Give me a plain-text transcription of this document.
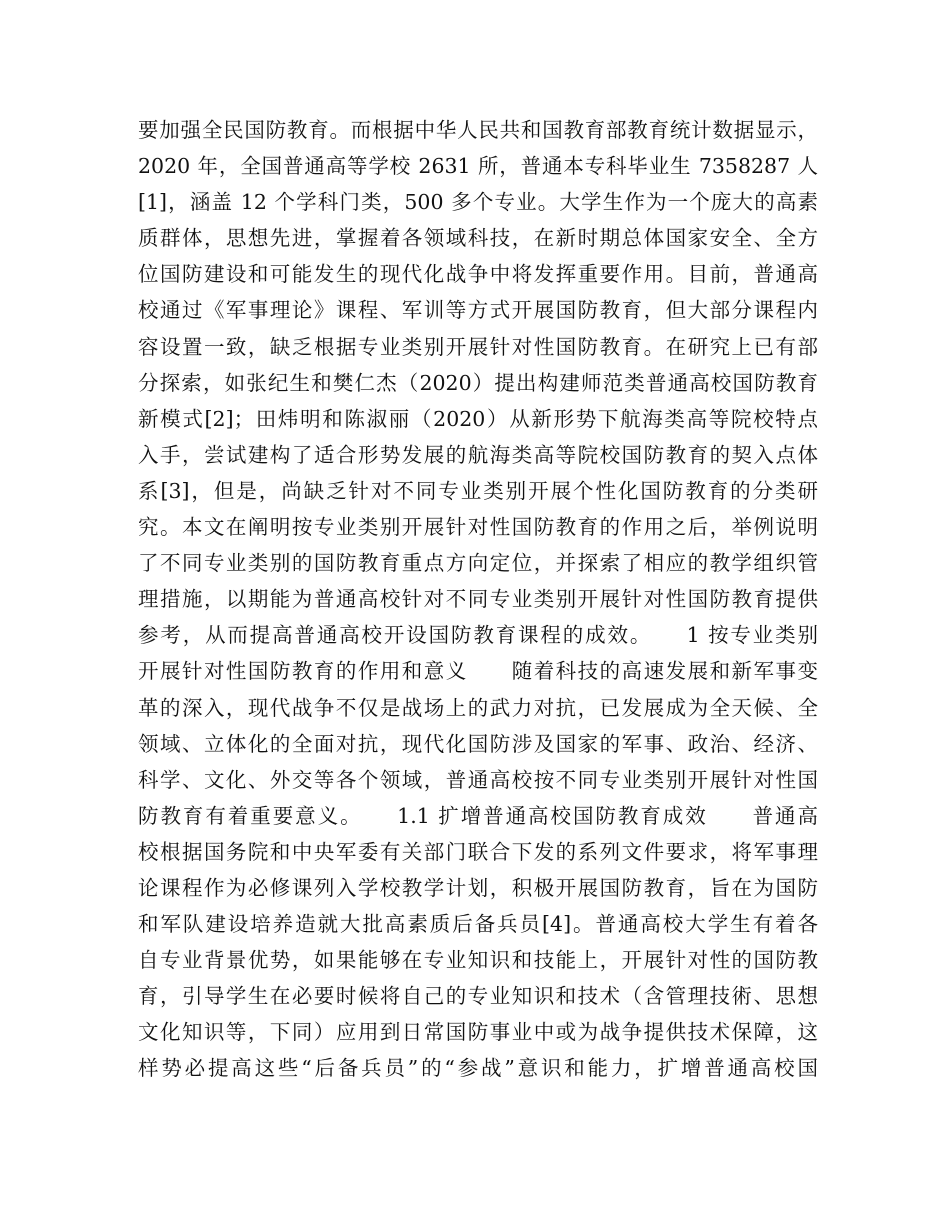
要加强全民国防教育。而根据中华人民共和国教育部教育统计数据显示，
2020 年，全国普通高等学校 2631 所，普通本专科毕业生 7358287 人
[1]，涵盖 12 个学科门类，500 多个专业。大学生作为一个庞大的高素
质群体，思想先进，掌握着各领域科技，在新时期总体国家安全、全方
位国防建设和可能发生的现代化战争中将发挥重要作用。目前，普通高
校通过《军事理论》课程、军训等方式开展国防教育，但大部分课程内
容设置一致，缺乏根据专业类别开展针对性国防教育。在研究上已有部
分探索，如张纪生和樊仁杰（2020）提出构建师范类普通高校国防教育
新模式[2]；田炜明和陈淑丽（2020）从新形势下航海类高等院校特点
入手，尝试建构了适合形势发展的航海类高等院校国防教育的契入点体
系[3]，但是，尚缺乏针对不同专业类别开展个性化国防教育的分类研
究。本文在阐明按专业类别开展针对性国防教育的作用之后，举例说明
了不同专业类别的国防教育重点方向定位，并探索了相应的教学组织管
理措施，以期能为普通高校针对不同专业类别开展针对性国防教育提供
参考，从而提高普通高校开设国防教育课程的成效。　　1 按专业类别
开展针对性国防教育的作用和意义　　随着科技的高速发展和新军事变
革的深入，现代战争不仅是战场上的武力对抗，已发展成为全天候、全
领域、立体化的全面对抗，现代化国防涉及国家的军事、政治、经济、
科学、文化、外交等各个领域，普通高校按不同专业类别开展针对性国
防教育有着重要意义。　　1.1 扩增普通高校国防教育成效　　普通高
校根据国务院和中央军委有关部门联合下发的系列文件要求，将军事理
论课程作为必修课列入学校教学计划，积极开展国防教育，旨在为国防
和军队建设培养造就大批高素质后备兵员[4]。普通高校大学生有着各
自专业背景优势，如果能够在专业知识和技能上，开展针对性的国防教
育，引导学生在必要时候将自己的专业知识和技术（含管理技術、思想
文化知识等，下同）应用到日常国防事业中或为战争提供技术保障，这
样势必提高这些“后备兵员”的“参战”意识和能力，扩增普通高校国
